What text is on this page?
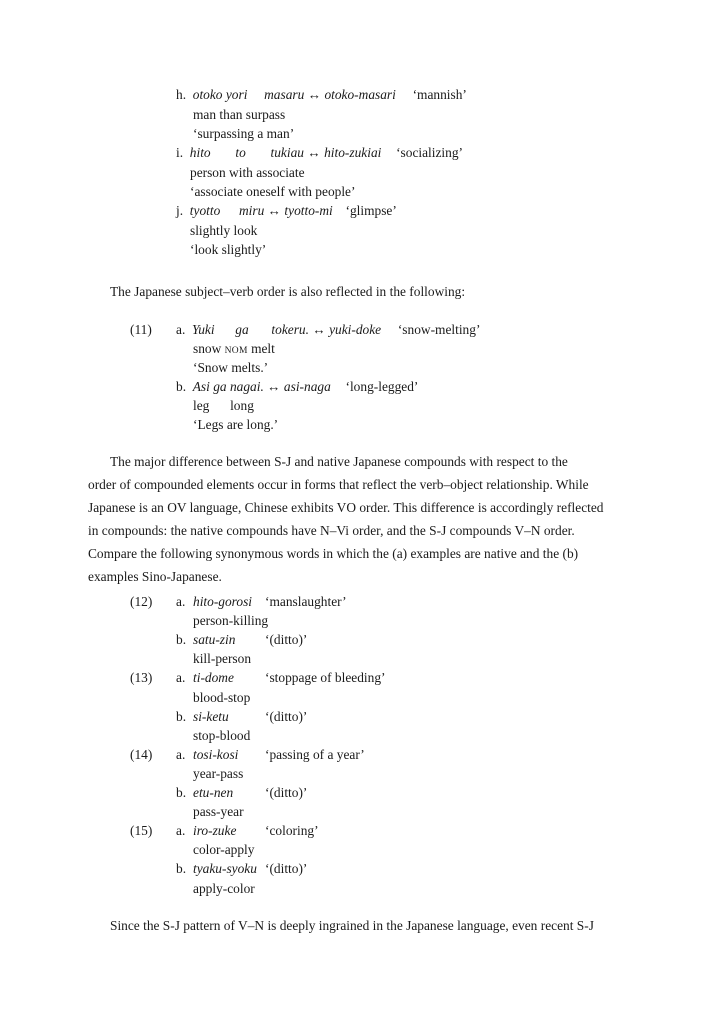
h. otoko yori masaru ↔ otoko-masari ‘mannish’
man than surpass
‘surpassing a man’
i. hito to tukiau ↔ hito-zukiai ‘socializing’
person with associate
‘associate oneself with people’
j. tyotto miru ↔ tyotto-mi ‘glimpse’
slightly look
‘look slightly’
The Japanese subject–verb order is also reflected in the following:
(11) a. Yuki ga tokeru. ↔ yuki-doke ‘snow-melting’
snow NOM melt
‘Snow melts.’
b. Asi ga nagai. ↔ asi-naga ‘long-legged’
leg long
‘Legs are long.’
The major difference between S-J and native Japanese compounds with respect to the
order of compounded elements occur in forms that reflect the verb–object relationship. While
Japanese is an OV language, Chinese exhibits VO order. This difference is accordingly reflected
in compounds: the native compounds have N–Vi order, and the S-J compounds V–N order.
Compare the following synonymous words in which the (a) examples are native and the (b)
examples Sino-Japanese.
(12) a. hito-gorosi ‘manslaughter’
person-killing
b. satu-zin ‘(ditto)’
kill-person
(13) a. ti-dome ‘stoppage of bleeding’
blood-stop
b. si-ketu	‘(ditto)’
stop-blood
(14) a. tosi-kosi ‘passing of a year’
year-pass
b. etu-nen ‘(ditto)’
pass-year
(15) a. iro-zuke ‘coloring’
color-apply
b. tyaku-syoku ‘(ditto)’
apply-color
Since the S-J pattern of V–N is deeply ingrained in the Japanese language, even recent S-J
